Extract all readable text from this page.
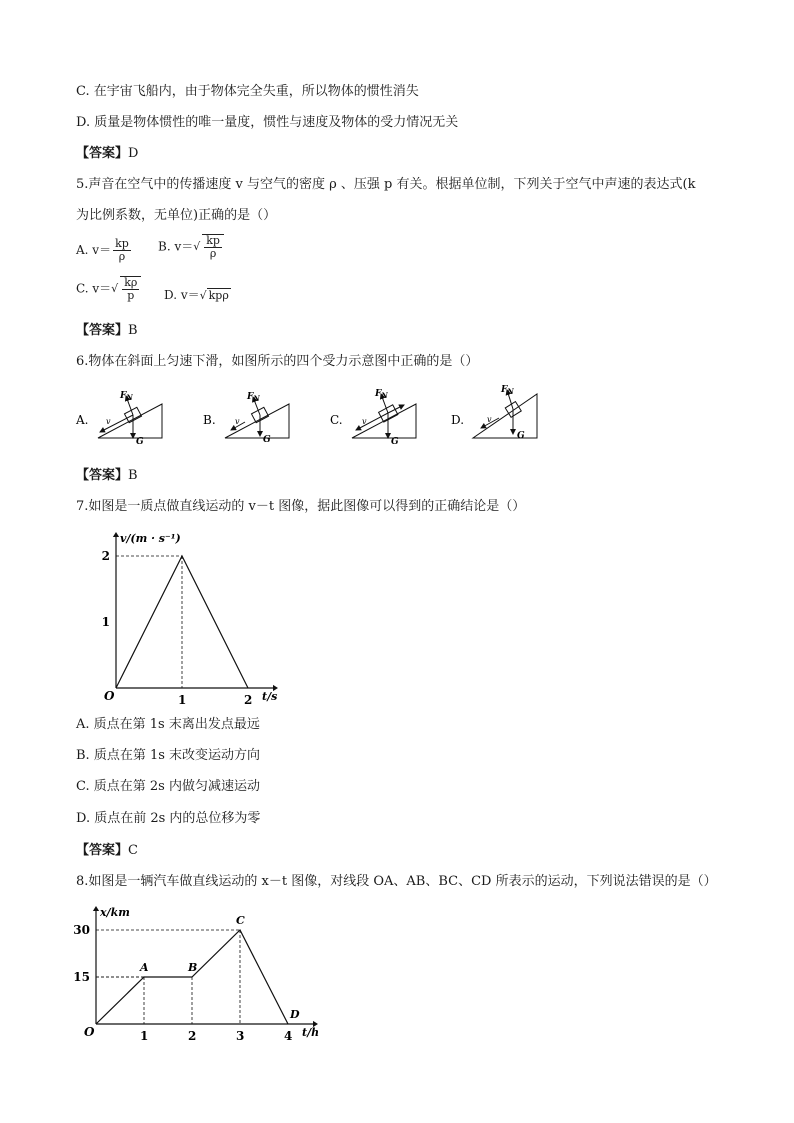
C. 在宇宙飞船内，由于物体完全失重，所以物体的惯性消失
D. 质量是物体惯性的唯一量度，惯性与速度及物体的受力情况无关
【答案】D
5.声音在空气中的传播速度 v 与空气的密度 ρ 、压强 p 有关。根据单位制，下列关于空气中声速的表达式(k
为比例系数，无单位)正确的是（）
A. $v= \frac{kp}{\rho} B$. $v=√ \frac{kp}{\rho}$
C. $v=√ \frac{k\rho}{p} D$. v＝√ kpρ
【答案】B
6.物体在斜面上匀速下滑，如图所示的四个受力示意图中正确的是（）
A.
$F_N$
G
v	B.
$F_N$
G
v	C.
$F_N$
G
v	D.
$F_N$
G
v
【答案】B
7.如图是一质点做直线运动的 v－t 图像，据此图像可以得到的正确结论是（）
v/(m · s⁻¹)
t/s
O	1	2
1
2
A. 质点在第 1s 末离出发点最远
B. 质点在第 1s 末改变运动方向
C. 质点在第 2s 内做匀减速运动
D. 质点在前 2s 内的总位移为零
【答案】C
8.如图是一辆汽车做直线运动的 x－t 图像，对线段 OA、AB、BC、CD 所表示的运动，下列说法错误的是（）
x/km
t/h
O	1	2	3	4
15
30
A	B
C
D
